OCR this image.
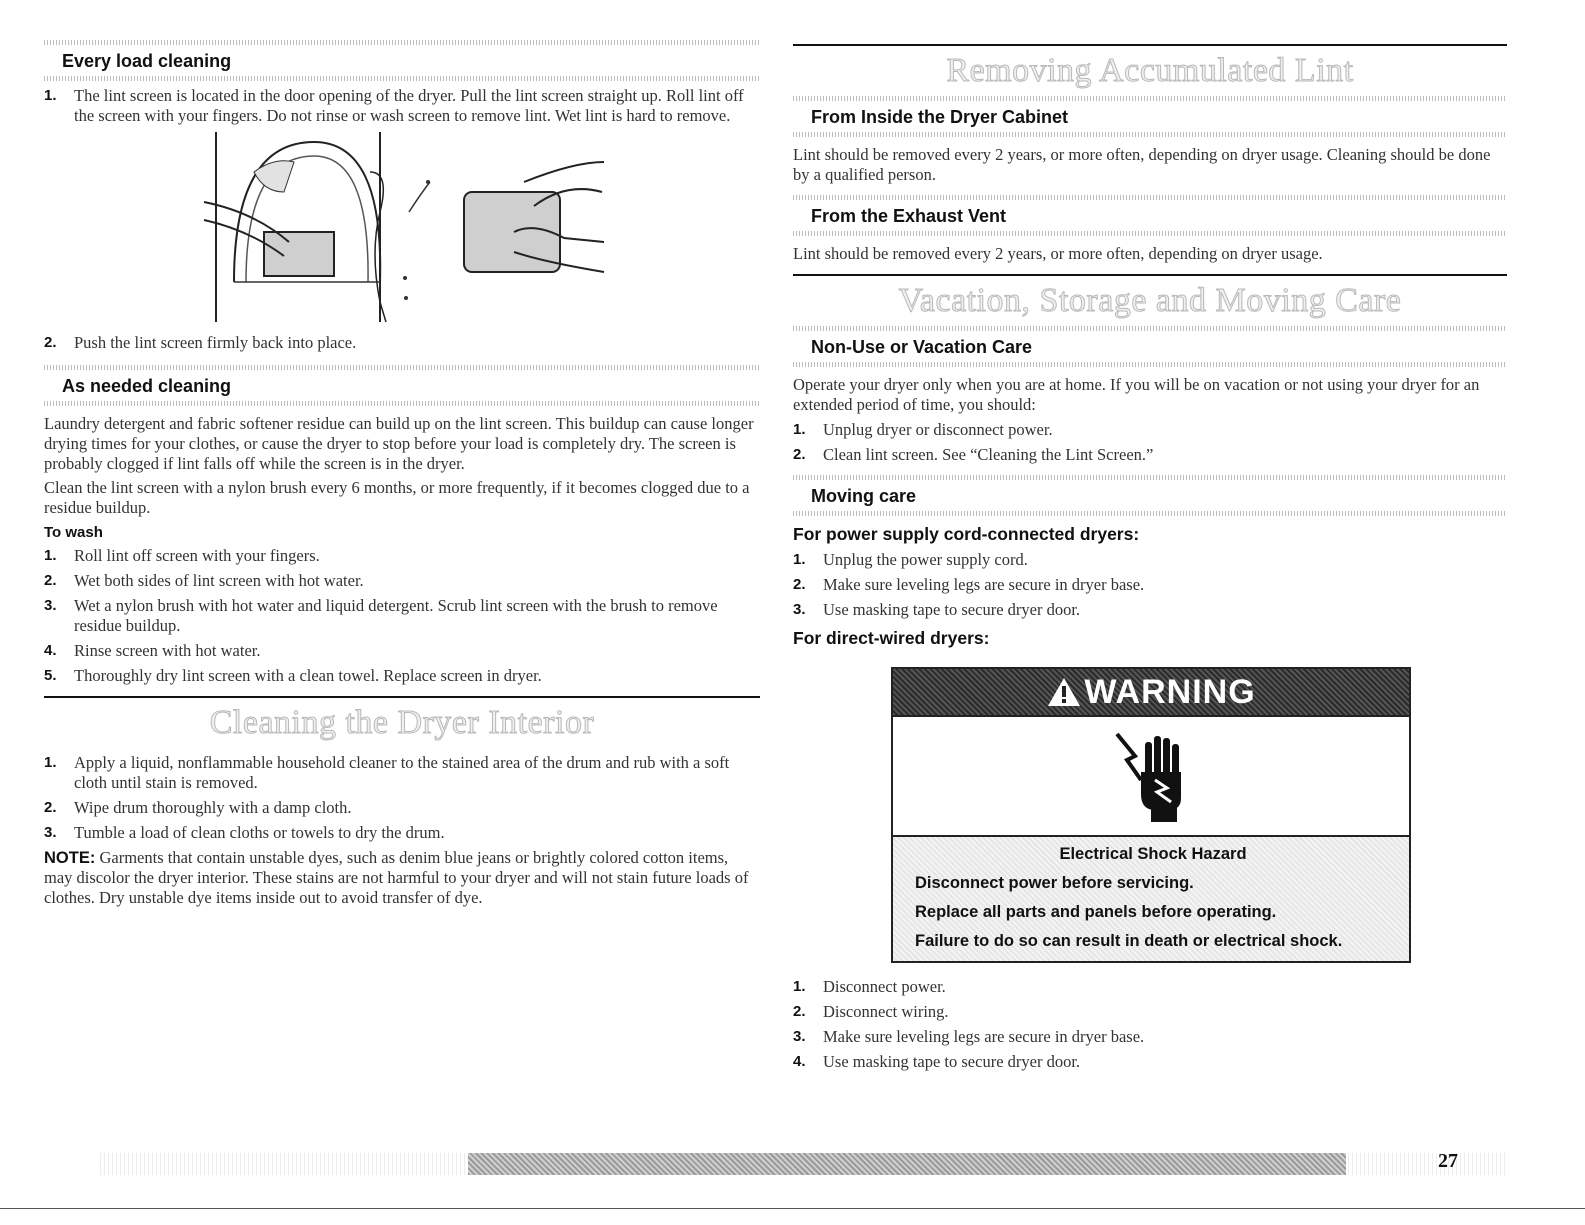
Every load cleaning
1. The lint screen is located in the door opening of the dryer. Pull the lint screen straight up. Roll lint off the screen with your fingers. Do not rinse or wash screen to remove lint. Wet lint is hard to remove.
2. Push the lint screen firmly back into place.
As needed cleaning

Laundry detergent and fabric softener residue can build up on the lint screen. This buildup can cause longer drying times for your clothes, or cause the dryer to stop before your load is completely dry. The screen is probably clogged if lint falls off while the screen is in the dryer.

Clean the lint screen with a nylon brush every 6 months, or more frequently, if it becomes clogged due to a residue buildup.

To wash
1. Roll lint off screen with your fingers.
2. Wet both sides of lint screen with hot water.
3. Wet a nylon brush with hot water and liquid detergent. Scrub lint screen with the brush to remove residue buildup.
4. Rinse screen with hot water.
5. Thoroughly dry lint screen with a clean towel. Replace screen in dryer.
Cleaning the Dryer Interior
1. Apply a liquid, nonflammable household cleaner to the stained area of the drum and rub with a soft cloth until stain is removed.
2. Wipe drum thoroughly with a damp cloth.
3. Tumble a load of clean cloths or towels to dry the drum.

NOTE: Garments that contain unstable dyes, such as denim blue jeans or brightly colored cotton items, may discolor the dryer interior. These stains are not harmful to your dryer and will not stain future loads of clothes. Dry unstable dye items inside out to avoid transfer of dye.

Removing Accumulated Lint
From Inside the Dryer Cabinet

Lint should be removed every 2 years, or more often, depending on dryer usage. Cleaning should be done by a qualified person.

From the Exhaust Vent

Lint should be removed every 2 years, or more often, depending on dryer usage.

Vacation, Storage and Moving Care
Non-Use or Vacation Care

Operate your dryer only when you are at home. If you will be on vacation or not using your dryer for an extended period of time, you should:

1. Unplug dryer or disconnect power.
2. Clean lint screen. See “Cleaning the Lint Screen.”
Moving care
For power supply cord-connected dryers:
1. Unplug the power supply cord.
2. Make sure leveling legs are secure in dryer base.
3. Use masking tape to secure dryer door.
For direct-wired dryers:
WARNING
Electrical Shock Hazard
Disconnect power before servicing.
Replace all parts and panels before operating.
Failure to do so can result in death or electrical shock.
1. Disconnect power.
2. Disconnect wiring.
3. Make sure leveling legs are secure in dryer base.
4. Use masking tape to secure dryer door.
27
